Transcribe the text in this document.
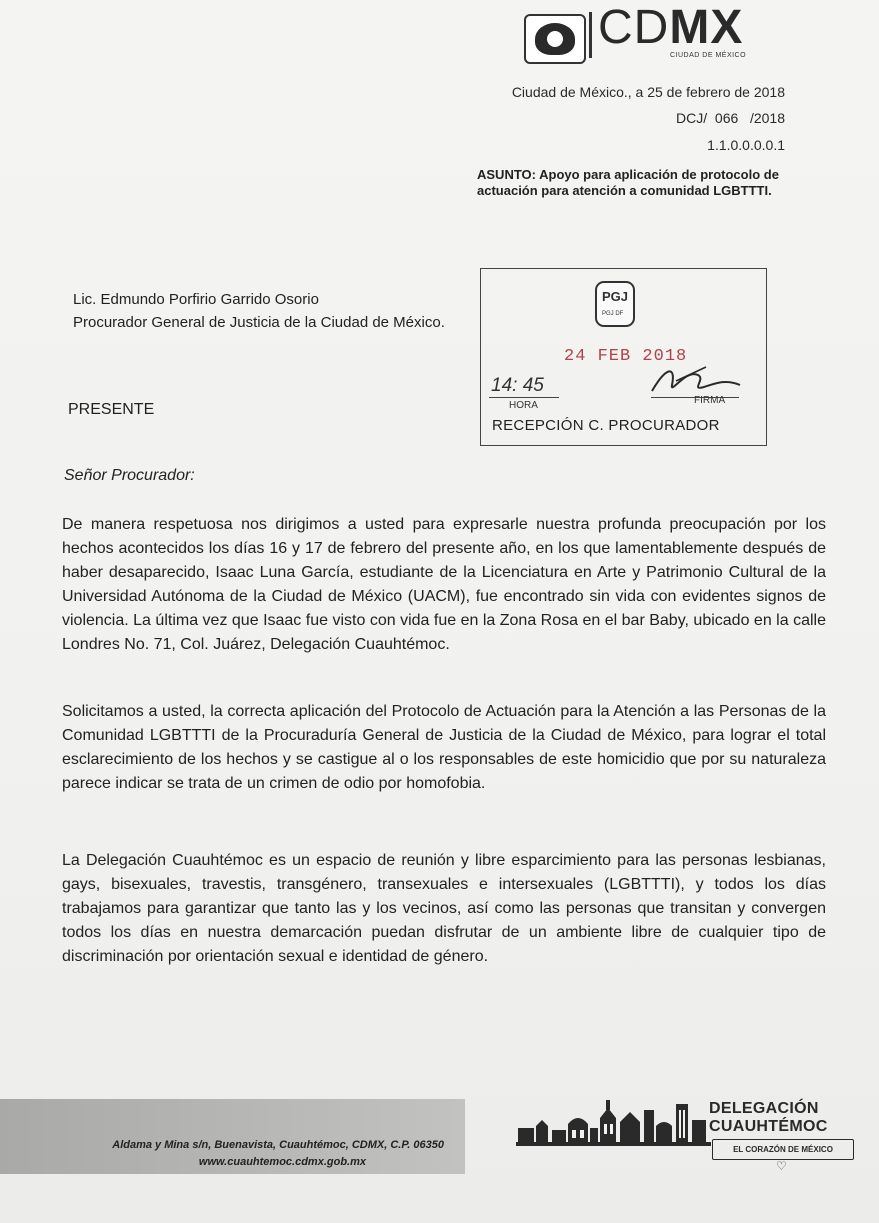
CDMX
CIUDAD DE MÉXICO
Ciudad de México., a 25 de febrero de 2018
DCJ/ 066 /2018
1.1.0.0.0.0.1
ASUNTO: Apoyo para aplicación de protocolo de actuación para atención a comunidad LGBTTTI.
Lic. Edmundo Porfirio Garrido Osorio
Procurador General de Justicia de la Ciudad de México.
PRESENTE
PGJ
PGJ DF
24 FEB 2018
14: 45
HORA	FIRMA
RECEPCIÓN C. PROCURADOR
Señor Procurador:
De manera respetuosa nos dirigimos a usted para expresarle nuestra profunda preocupación por los hechos acontecidos los días 16 y 17 de febrero del presente año, en los que lamentablemente después de haber desaparecido, Isaac Luna García, estudiante de la Licenciatura en Arte y Patrimonio Cultural de la Universidad Autónoma de la Ciudad de México (UACM), fue encontrado sin vida con evidentes signos de violencia. La última vez que Isaac fue visto con vida fue en la Zona Rosa en el bar Baby, ubicado en la calle Londres No. 71, Col. Juárez, Delegación Cuauhtémoc.
Solicitamos a usted, la correcta aplicación del Protocolo de Actuación para la Atención a las Personas de la Comunidad LGBTTTI de la Procuraduría General de Justicia de la Ciudad de México, para lograr el total esclarecimiento de los hechos y se castigue al o los responsables de este homicidio que por su naturaleza parece indicar se trata de un crimen de odio por homofobia.
La Delegación Cuauhtémoc es un espacio de reunión y libre esparcimiento para las personas lesbianas, gays, bisexuales, travestis, transgénero, transexuales e intersexuales (LGBTTTI), y todos los días trabajamos para garantizar que tanto las y los vecinos, así como las personas que transitan y convergen todos los días en nuestra demarcación puedan disfrutar de un ambiente libre de cualquier tipo de discriminación por orientación sexual e identidad de género.
Aldama y Mina s/n, Buenavista, Cuauhtémoc, CDMX, C.P. 06350
www.cuauhtemoc.cdmx.gob.mx
DELEGACIÓN
CUAUHTÉMOC
EL CORAZÓN DE MÉXICO
♡
